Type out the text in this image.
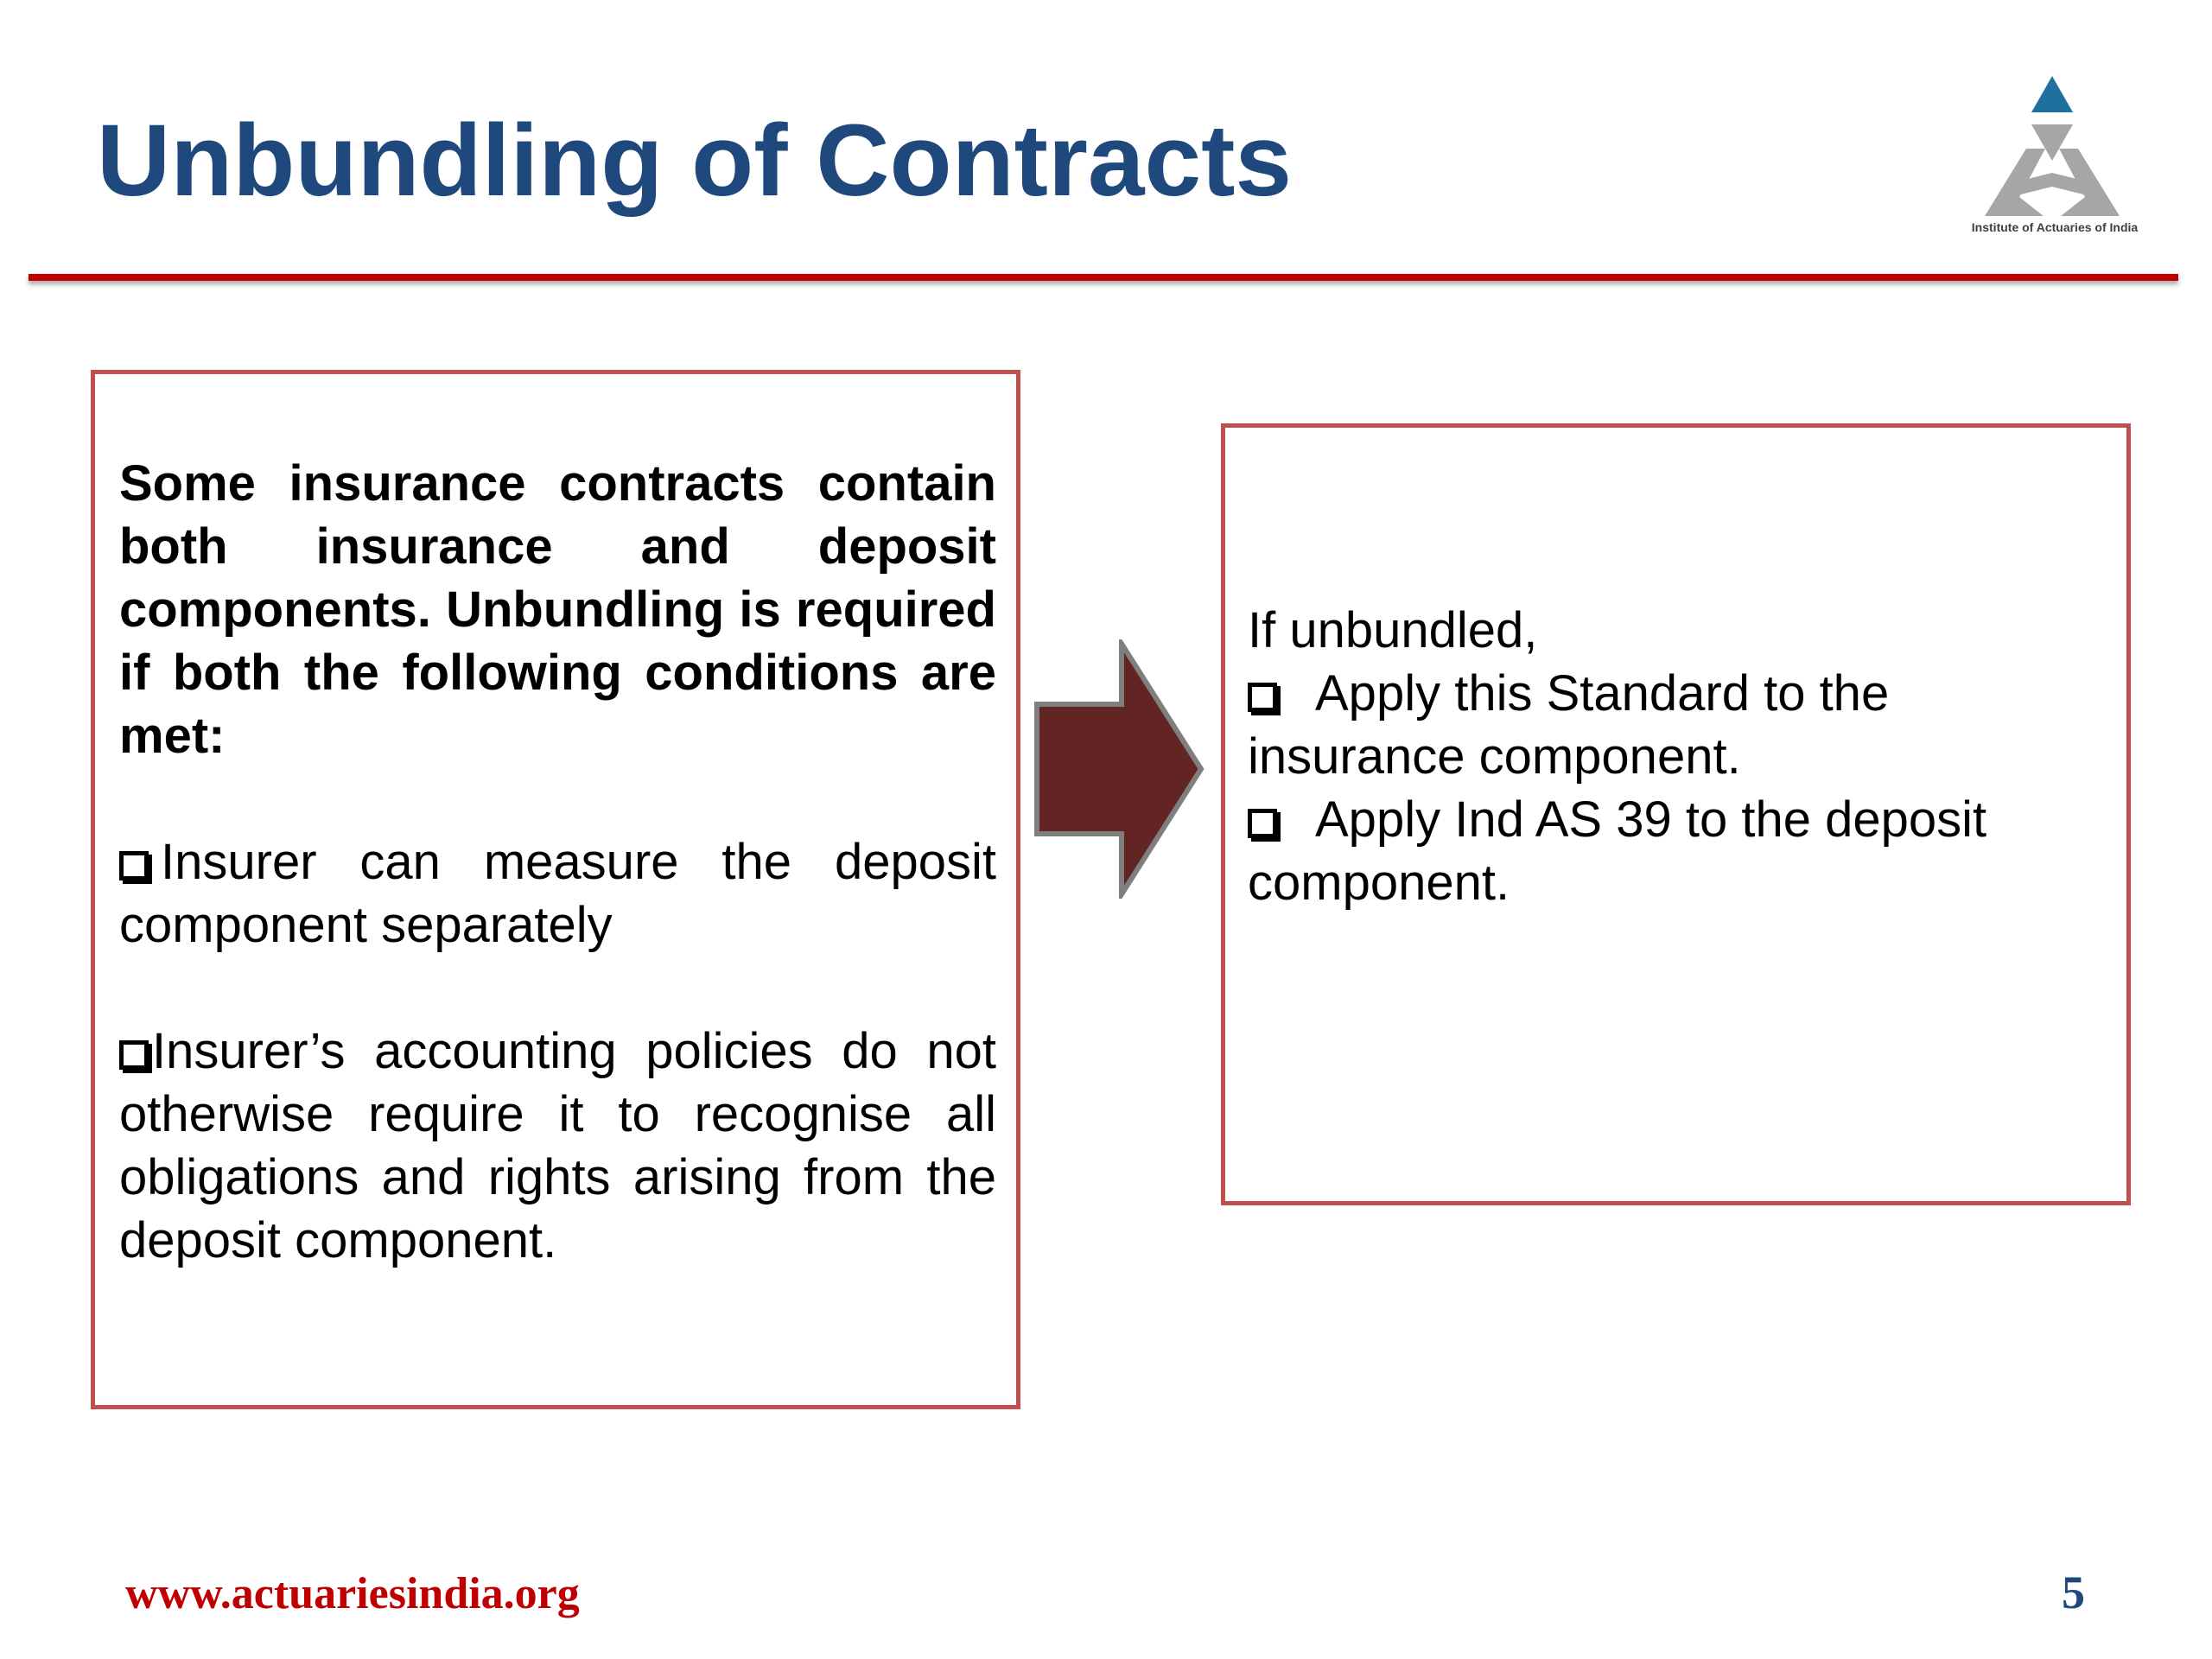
Unbundling of Contracts
Institute of Actuaries of India

Some insurance contracts contain both insurance and deposit components. Unbundling is required if both the following conditions are met:

Insurer can measure the deposit component separately

Insurer’s accounting policies do not otherwise require it to recognise all obligations and rights arising from the deposit component.

If unbundled,

Apply this Standard to the insurance component.

Apply Ind AS 39 to the deposit component.

www.actuariesindia.org	5
